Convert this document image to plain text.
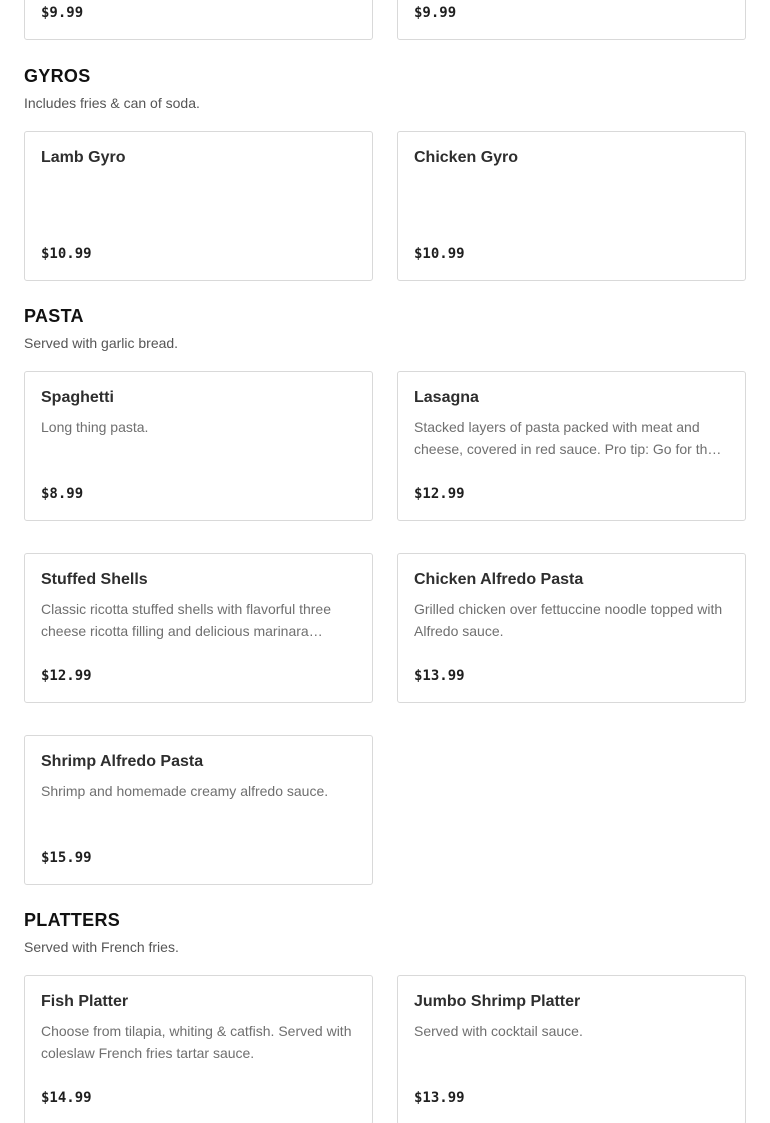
$9.99	$9.99
GYROS

Includes fries & can of soda.

Lamb Gyro
$10.99
Chicken Gyro
$10.99
PASTA

Served with garlic bread.

Spaghetti
Long thing pasta.
$8.99
Lasagna
Stacked layers of pasta packed with meat and cheese, covered in red sauce. Pro tip: Go for th…
$12.99
Stuffed Shells
Classic ricotta stuffed shells with flavorful three cheese ricotta filling and delicious marinara…
$12.99
Chicken Alfredo Pasta
Grilled chicken over fettuccine noodle topped with Alfredo sauce.
$13.99
Shrimp Alfredo Pasta
Shrimp and homemade creamy alfredo sauce.
$15.99
PLATTERS

Served with French fries.

Fish Platter
Choose from tilapia, whiting & catfish. Served with coleslaw French fries tartar sauce.
$14.99
Jumbo Shrimp Platter
Served with cocktail sauce.
$13.99
